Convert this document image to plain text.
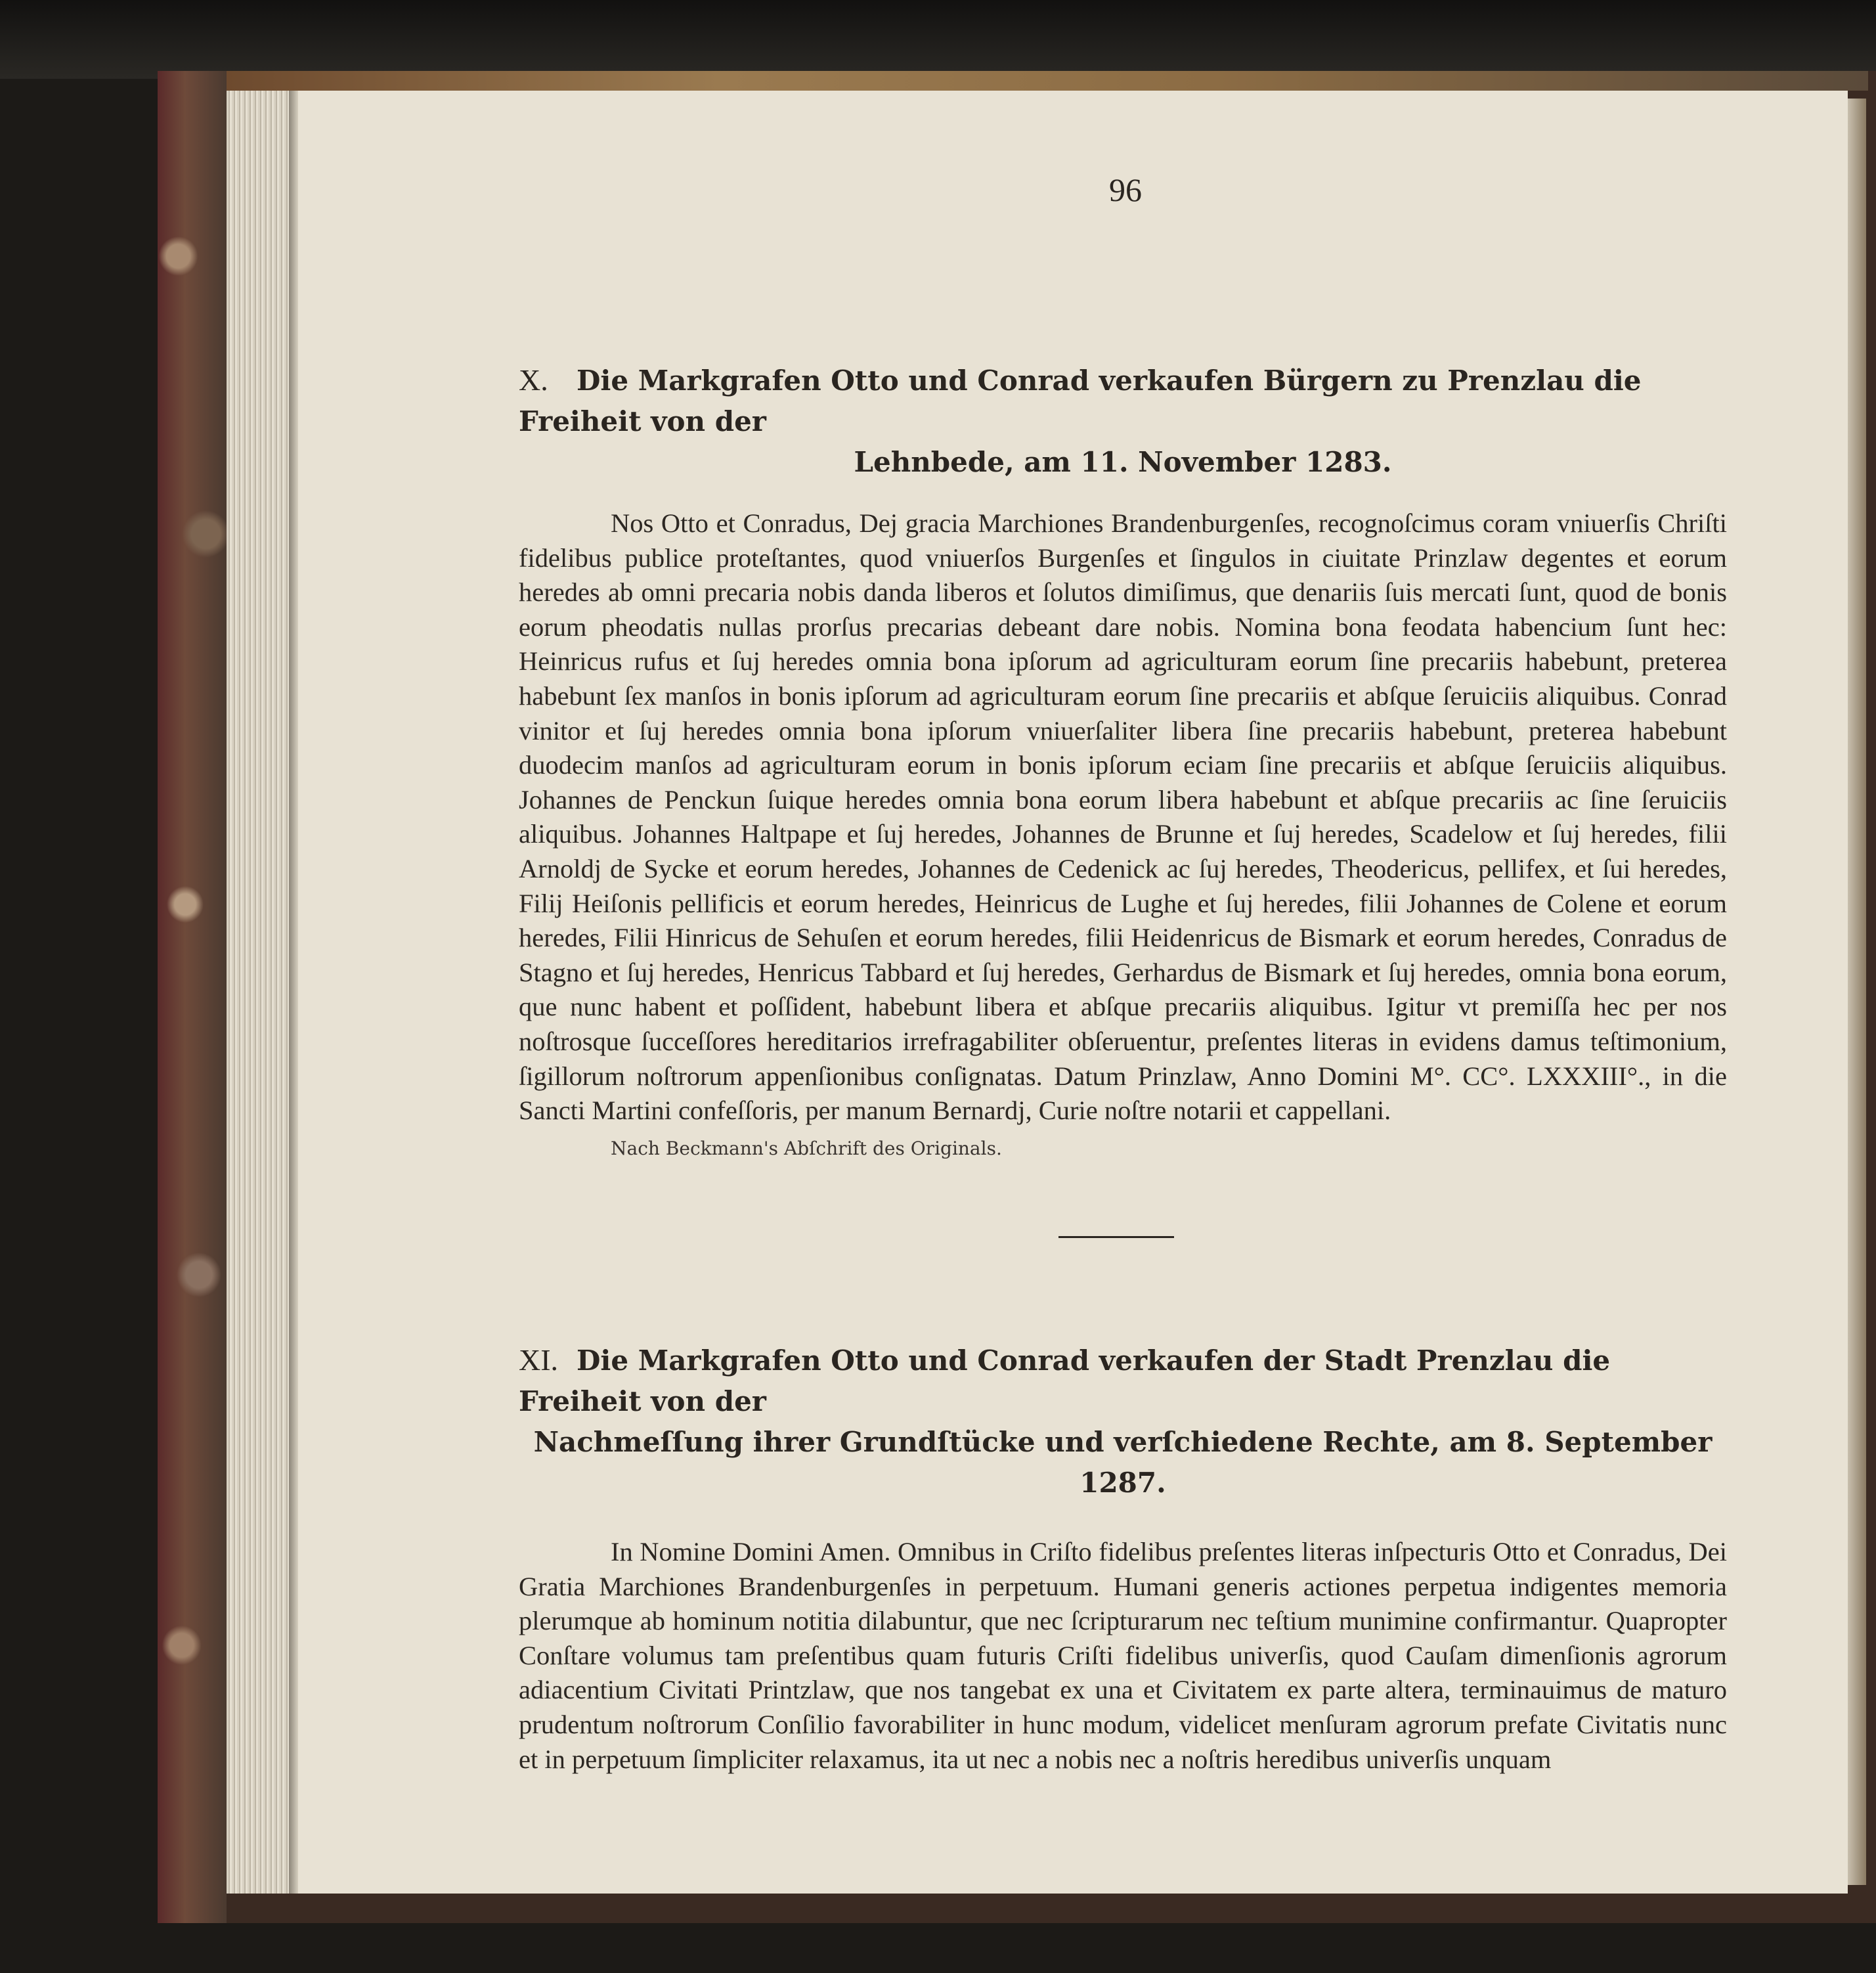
96
X. Die Markgrafen Otto und Conrad verkaufen Bürgern zu Prenzlau die Freiheit von der
Lehnbede, am 11. November 1283.

Nos Otto et Conradus, Dej gracia Marchiones Brandenburgenſes, recognoſcimus coram vniuerſis Chriſti fidelibus publice proteſtantes, quod vniuerſos Burgenſes et ſingulos in ciuitate Prinzlaw degentes et eorum heredes ab omni precaria nobis danda liberos et ſolutos dimiſimus, que denariis ſuis mercati ſunt, quod de bonis eorum pheodatis nullas prorſus precarias debeant dare nobis. Nomina bona feodata habencium ſunt hec: Heinricus rufus et ſuj heredes omnia bona ipſorum ad agriculturam eorum ſine precariis habebunt, preterea habebunt ſex manſos in bonis ipſorum ad agriculturam eorum ſine precariis et abſque ſeruiciis aliquibus. Conrad vinitor et ſuj heredes omnia bona ipſorum vniuerſaliter libera ſine precariis habebunt, preterea habebunt duodecim manſos ad agriculturam eorum in bonis ipſorum eciam ſine precariis et abſque ſeruiciis aliquibus. Johannes de Penckun ſuique heredes omnia bona eorum libera habebunt et abſque precariis ac ſine ſeruiciis aliquibus. Johannes Haltpape et ſuj heredes, Johannes de Brunne et ſuj heredes, Scadelow et ſuj heredes, filii Arnoldj de Sycke et eorum heredes, Johannes de Cedenick ac ſuj heredes, Theodericus, pellifex, et ſui heredes, Filij Heiſonis pellificis et eorum heredes, Heinricus de Lughe et ſuj heredes, filii Johannes de Colene et eorum heredes, Filii Hinricus de Sehuſen et eorum heredes, filii Heidenricus de Bismark et eorum heredes, Conradus de Stagno et ſuj heredes, Henricus Tabbard et ſuj heredes, Gerhardus de Bismark et ſuj heredes, omnia bona eorum, que nunc habent et poſſident, habebunt libera et abſque precariis aliquibus. Igitur vt premiſſa hec per nos noſtrosque ſucceſſores hereditarios irrefragabiliter obſeruentur, preſentes literas in evidens damus teſtimonium, ſigillorum noſtrorum appenſionibus conſignatas. Datum Prinzlaw, Anno Domini M°. CC°. LXXXIII°., in die Sancti Martini confeſſoris, per manum Bernardj, Curie noſtre notarii et cappellani.

Nach Beckmann's Abſchrift des Originals.
XI. Die Markgrafen Otto und Conrad verkaufen der Stadt Prenzlau die Freiheit von der
Nachmeſſung ihrer Grundſtücke und verſchiedene Rechte, am 8. September 1287.

In Nomine Domini Amen. Omnibus in Criſto fidelibus preſentes literas inſpecturis Otto et Conradus, Dei Gratia Marchiones Brandenburgenſes in perpetuum. Humani generis actiones perpetua indigentes memoria plerumque ab hominum notitia dilabuntur, que nec ſcripturarum nec teſtium munimine confirmantur. Quapropter Conſtare volumus tam preſentibus quam futuris Criſti fidelibus univerſis, quod Cauſam dimenſionis agrorum adiacentium Civitati Printzlaw, que nos tangebat ex una et Civitatem ex parte altera, terminauimus de maturo prudentum noſtrorum Conſilio favorabiliter in hunc modum, videlicet menſuram agrorum prefate Civitatis nunc et in perpetuum ſimpliciter relaxamus, ita ut nec a nobis nec a noſtris heredibus univerſis unquam
